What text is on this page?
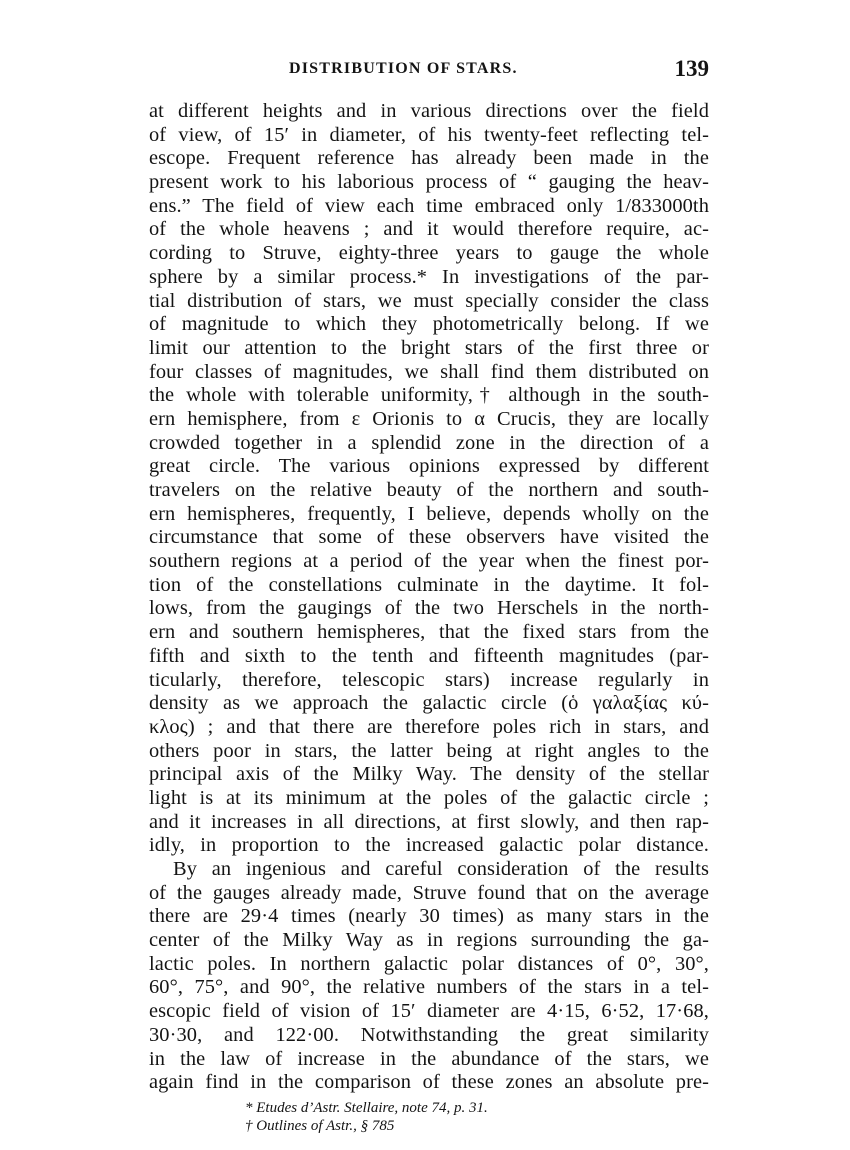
DISTRIBUTION OF STARS.	139
at different heights and in various directions over the field
of view, of 15′ in diameter, of his twenty-feet reflecting tel-
escope. Frequent reference has already been made in the
present work to his laborious process of “ gauging the heav-
ens.” The field of view each time embraced only 1/833000th
of the whole heavens ; and it would therefore require, ac-
cording to Struve, eighty-three years to gauge the whole
sphere by a similar process.* In investigations of the par-
tial distribution of stars, we must specially consider the class
of magnitude to which they photometrically belong. If we
limit our attention to the bright stars of the first three or
four classes of magnitudes, we shall find them distributed on
the whole with tolerable uniformity,† although in the south-
ern hemisphere, from ε Orionis to α Crucis, they are locally
crowded together in a splendid zone in the direction of a
great circle. The various opinions expressed by different
travelers on the relative beauty of the northern and south-
ern hemispheres, frequently, I believe, depends wholly on the
circumstance that some of these observers have visited the
southern regions at a period of the year when the finest por-
tion of the constellations culminate in the daytime. It fol-
lows, from the gaugings of the two Herschels in the north-
ern and southern hemispheres, that the fixed stars from the
fifth and sixth to the tenth and fifteenth magnitudes (par-
ticularly, therefore, telescopic stars) increase regularly in
density as we approach the galactic circle (ὁ γαλαξίας κύ-
κλος) ; and that there are therefore poles rich in stars, and
others poor in stars, the latter being at right angles to the
principal axis of the Milky Way. The density of the stellar
light is at its minimum at the poles of the galactic circle ;
and it increases in all directions, at first slowly, and then rap-
idly, in proportion to the increased galactic polar distance.
By an ingenious and careful consideration of the results
of the gauges already made, Struve found that on the average
there are 29·4 times (nearly 30 times) as many stars in the
center of the Milky Way as in regions surrounding the ga-
lactic poles. In northern galactic polar distances of 0°, 30°,
60°, 75°, and 90°, the relative numbers of the stars in a tel-
escopic field of vision of 15′ diameter are 4·15, 6·52, 17·68,
30·30, and 122·00. Notwithstanding the great similarity
in the law of increase in the abundance of the stars, we
again find in the comparison of these zones an absolute pre-
* Etudes d’Astr. Stellaire, note 74, p. 31.
† Outlines of Astr., § 785
